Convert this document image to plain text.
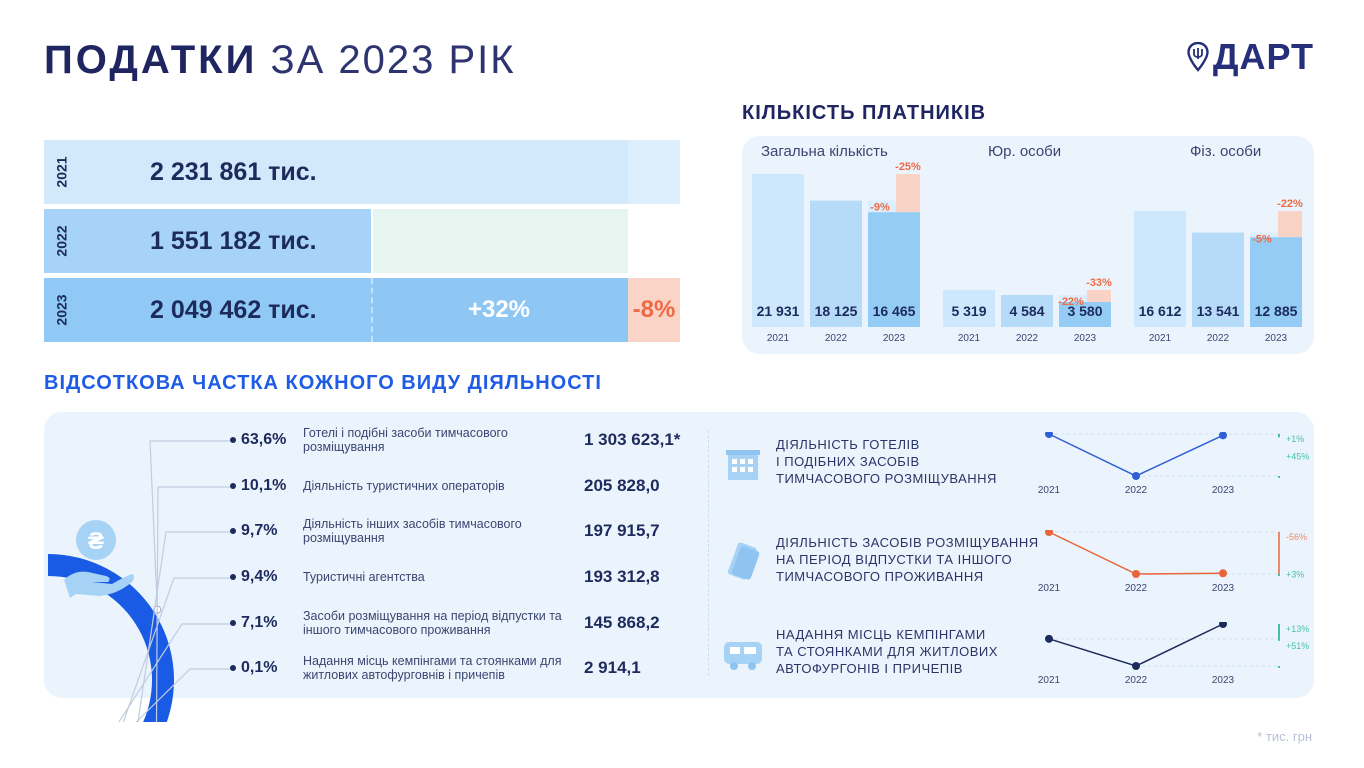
ПОДАТКИ ЗА 2023 РІК	ДАРТ
2021	2 231 861 тис.
2022	1 551 182 тис.
2023	2 049 462 тис.	+32%	-8%
КІЛЬКІСТЬ ПЛАТНИКІВ
Загальна кількість	Юр. особи	Фіз. особи
21 931
2021
18 125
2022
16 465
2023
-25%
-9%
5 319
2021
4 584
2022
3 580
2023
-33%
-22%
16 612
2021
13 541
2022
12 885
2023
-22%
-5%
ВІДСОТКОВА ЧАСТКА КОЖНОГО ВИДУ ДІЯЛЬНОСТІ
₴
63,6% Готелі і подібні засоби тимчасового розміщування	1 303 623,1*
10,1% Діяльність туристичних операторів	205 828,0
9,7% Діяльність інших засобів тимчасового розміщування	197 915,7
9,4% Туристичні агентства	193 312,8
7,1% Засоби розміщування на період відпустки та іншого тимчасового проживання	145 868,2
0,1% Надання місць кемпінгами та стоянками для житлових автофурговнів і причепів	2 914,1
ДІЯЛЬНІСТЬ ГОТЕЛІВ
І ПОДІБНИХ ЗАСОБІВ
ТИМЧАСОВОГО РОЗМІЩУВАННЯ
2021	2022	2023
+1%
+45%
ДІЯЛЬНІСТЬ ЗАСОБІВ РОЗМІЩУВАННЯ
НА ПЕРІОД ВІДПУСТКИ ТА ІНШОГО
ТИМЧАСОВОГО ПРОЖИВАННЯ
2021	2022	2023
-56%
+3%
НАДАННЯ МІСЦЬ КЕМПІНГАМИ
ТА СТОЯНКАМИ ДЛЯ ЖИТЛОВИХ
АВТОФУРГОНІВ І ПРИЧЕПІВ
2021	2022	2023
+13%
+51%
* тис. грн
